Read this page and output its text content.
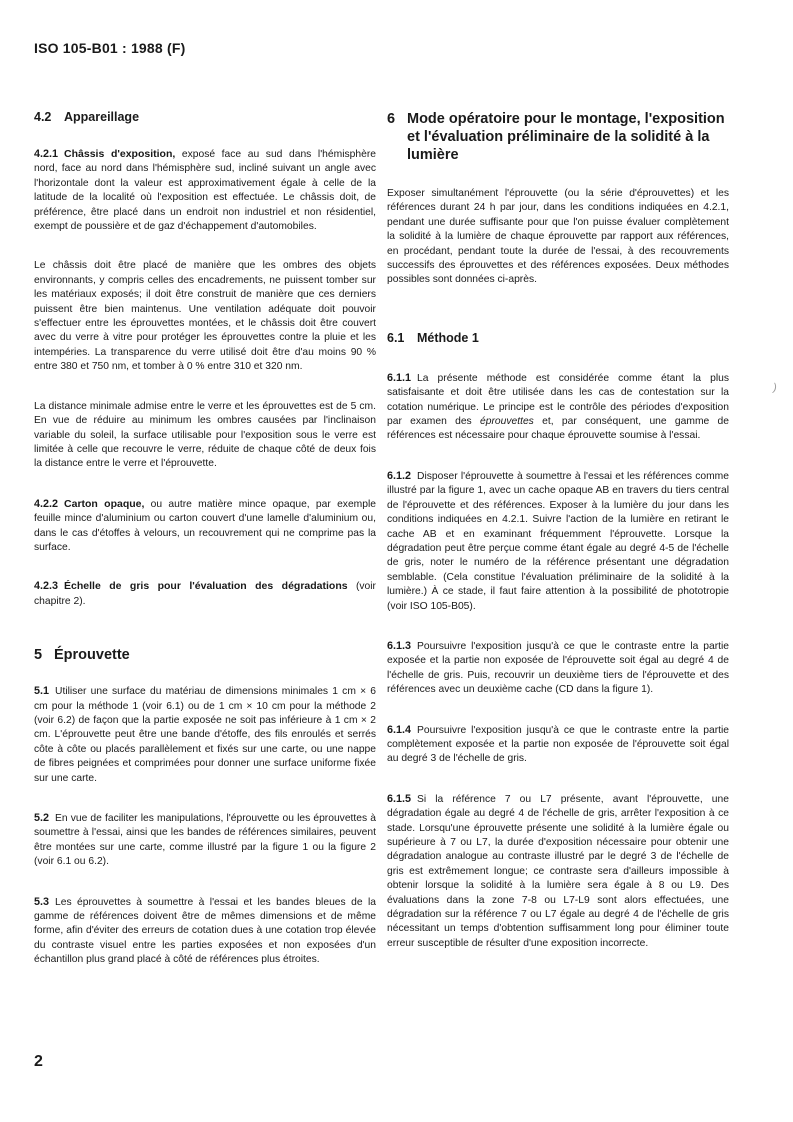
ISO 105-B01 : 1988 (F)
4.2 Appareillage

4.2.1 Châssis d'exposition, exposé face au sud dans l'hémisphère nord, face au nord dans l'hémisphère sud, incliné suivant un angle avec l'horizontale dont la valeur est approximativement égale à celle de la latitude de la localité où l'exposition est effectuée. Le châssis doit, de préférence, être placé dans un endroit non industriel et non résidentiel, exempt de poussière et de gaz d'échappement d'automobiles.

Le châssis doit être placé de manière que les ombres des objets environnants, y compris celles des encadrements, ne puissent tomber sur les matériaux exposés; il doit être construit de manière que ces derniers puissent être bien maintenus. Une ventilation adéquate doit pouvoir s'effectuer entre les éprouvettes montées, et le châssis doit être couvert avec du verre à vitre pour protéger les éprouvettes contre la pluie et les intempéries. La transparence du verre utilisé doit être d'au moins 90 % entre 380 et 750 nm, et tomber à 0 % entre 310 et 320 nm.

La distance minimale admise entre le verre et les éprouvettes est de 5 cm. En vue de réduire au minimum les ombres causées par l'inclinaison variable du soleil, la surface utilisable pour l'exposition sous le verre est limitée à celle que recouvre le verre, réduite de chaque côté de deux fois la distance entre le verre et l'éprouvette.

4.2.2 Carton opaque, ou autre matière mince opaque, par exemple feuille mince d'aluminium ou carton couvert d'une lamelle d'aluminium ou, dans le cas d'étoffes à velours, un recouvrement qui ne comprime pas la surface.

4.2.3 Échelle de gris pour l'évaluation des dégradations (voir chapitre 2).

5 Éprouvette

5.1 Utiliser une surface du matériau de dimensions minimales 1 cm × 6 cm pour la méthode 1 (voir 6.1) ou de 1 cm × 10 cm pour la méthode 2 (voir 6.2) de façon que la partie exposée ne soit pas inférieure à 1 cm × 2 cm. L'éprouvette peut être une bande d'étoffe, des fils enroulés et serrés côte à côte ou placés parallèlement et fixés sur une carte, ou une nappe de fibres peignées et comprimées pour donner une surface uniforme fixée sur une carte.

5.2 En vue de faciliter les manipulations, l'éprouvette ou les éprouvettes à soumettre à l'essai, ainsi que les bandes de références similaires, peuvent être montées sur une carte, comme illustré par la figure 1 ou la figure 2 (voir 6.1 ou 6.2).

5.3 Les éprouvettes à soumettre à l'essai et les bandes bleues de la gamme de références doivent être de mêmes dimensions et de même forme, afin d'éviter des erreurs de cotation dues à une cotation trop élevée du contraste visuel entre les parties exposées et non exposées d'un échantillon plus grand placé à côté de références plus étroites.

6 Mode opératoire pour le montage, l'exposition et l'évaluation préliminaire de la solidité à la lumière

Exposer simultanément l'éprouvette (ou la série d'éprouvettes) et les références durant 24 h par jour, dans les conditions indiquées en 4.2.1, pendant une durée suffisante pour que l'on puisse évaluer complètement la solidité à la lumière de chaque éprouvette par rapport aux références, en procédant, pendant toute la durée de l'essai, à des recouvrements successifs des éprouvettes et des références exposées. Deux méthodes possibles sont données ci-après.

6.1 Méthode 1

6.1.1 La présente méthode est considérée comme étant la plus satisfaisante et doit être utilisée dans les cas de contestation sur la cotation numérique. Le principe est le contrôle des périodes d'exposition par examen des éprouvettes et, par conséquent, une gamme de références est nécessaire pour chaque éprouvette soumise à l'essai.

6.1.2 Disposer l'éprouvette à soumettre à l'essai et les références comme illustré par la figure 1, avec un cache opaque AB en travers du tiers central de l'éprouvette et des références. Exposer à la lumière du jour dans les conditions indiquées en 4.2.1. Suivre l'action de la lumière en retirant le cache AB et en examinant fréquemment l'éprouvette. Lorsque la dégradation peut être perçue comme étant égale au degré 4-5 de l'échelle de gris, noter le numéro de la référence présentant une dégradation semblable. (Cela constitue l'évaluation préliminaire de la solidité à la lumière.) À ce stade, il faut faire attention à la possibilité de phototropie (voir ISO 105-B05).

6.1.3 Poursuivre l'exposition jusqu'à ce que le contraste entre la partie exposée et la partie non exposée de l'éprouvette soit égal au degré 4 de l'échelle de gris. Puis, recouvrir un deuxième tiers de l'éprouvette et des références avec un deuxième cache (CD dans la figure 1).

6.1.4 Poursuivre l'exposition jusqu'à ce que le contraste entre la partie complètement exposée et la partie non exposée de l'éprouvette soit égal au degré 3 de l'échelle de gris.

6.1.5 Si la référence 7 ou L7 présente, avant l'éprouvette, une dégradation égale au degré 4 de l'échelle de gris, arrêter l'exposition à ce stade. Lorsqu'une éprouvette présente une solidité à la lumière égale ou supérieure à 7 ou L7, la durée d'exposition nécessaire pour obtenir une dégradation analogue au contraste illustré par le degré 3 de l'échelle de gris est extrêmement longue; ce contraste sera d'ailleurs impossible à obtenir lorsque la solidité à la lumière sera égale à 8 ou L9. Des évaluations dans la zone 7-8 ou L7-L9 sont alors effectuées, une dégradation sur la référence 7 ou L7 égale au degré 4 de l'échelle de gris nécessitant un temps d'obtention suffisamment long pour éliminer toute erreur susceptible de résulter d'une exposition incorrecte.

)
2
